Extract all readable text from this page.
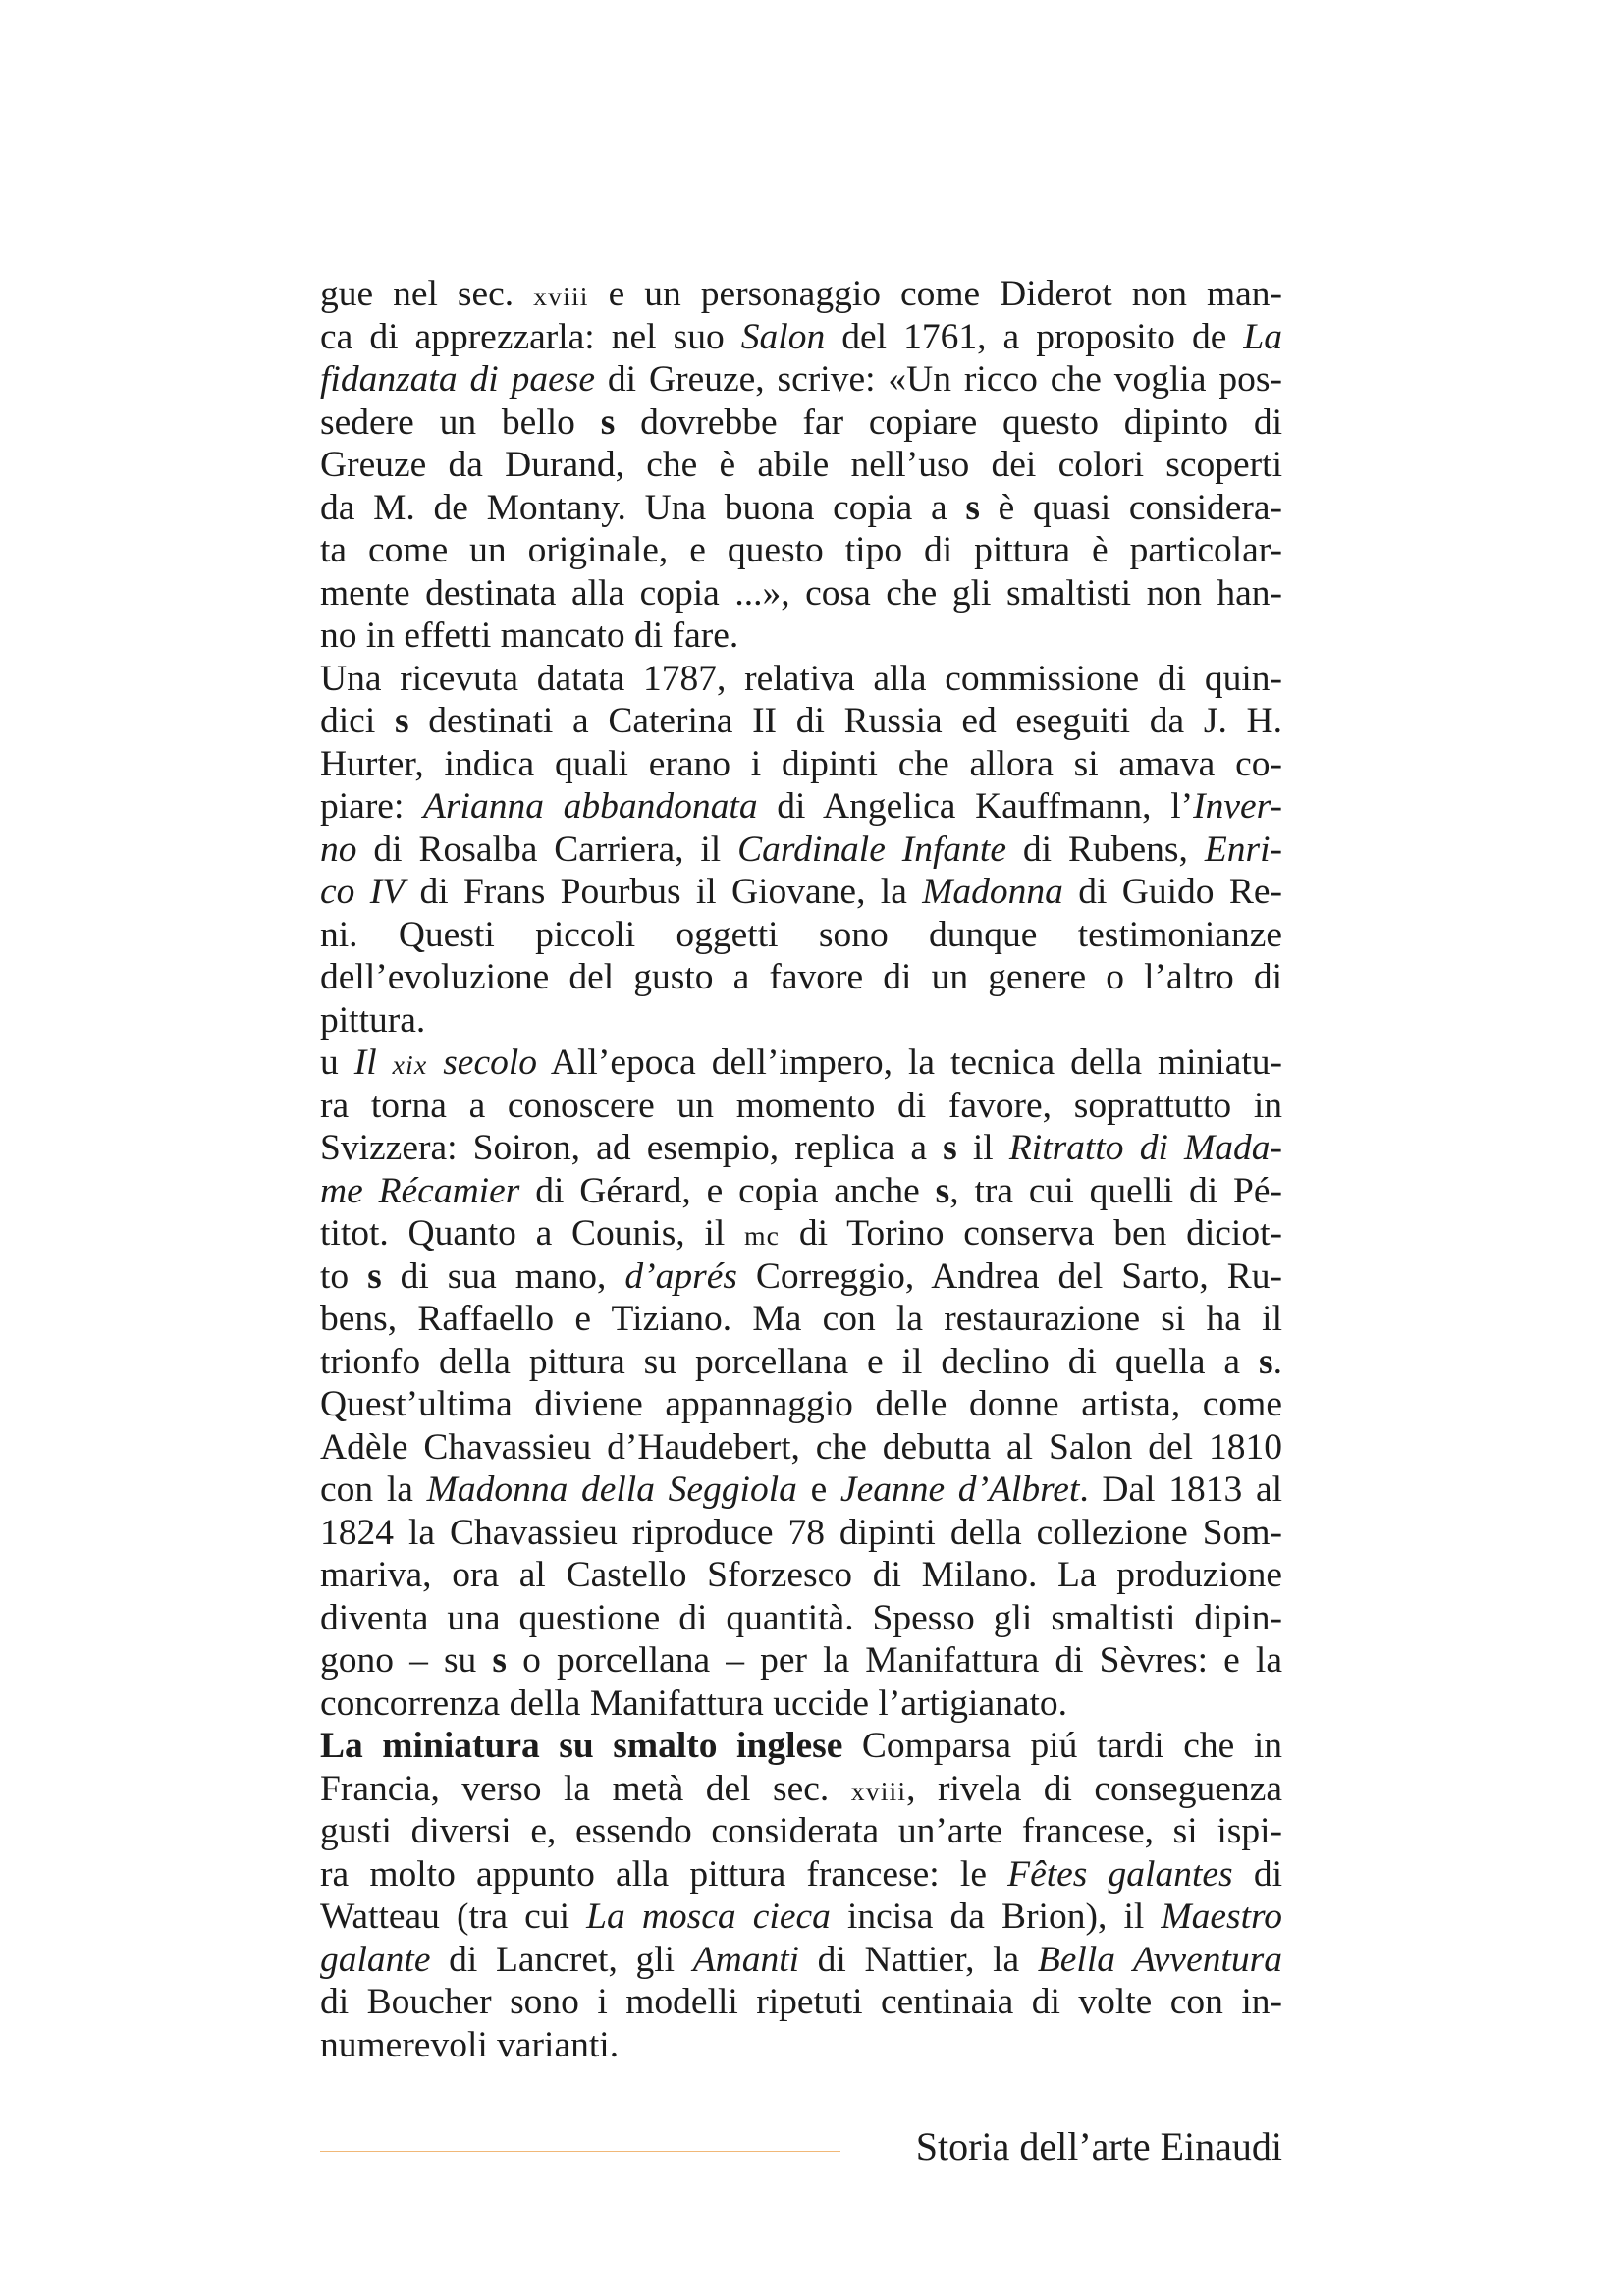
gue nel sec. xviii e un personaggio come Diderot non man-
ca di apprezzarla: nel suo Salon del 1761, a proposito de La
fidanzata di paese di Greuze, scrive: «Un ricco che voglia pos-
sedere un bello s dovrebbe far copiare questo dipinto di
Greuze da Durand, che è abile nell’uso dei colori scoperti
da M. de Montany. Una buona copia a s è quasi considera-
ta come un originale, e questo tipo di pittura è particolar-
mente destinata alla copia ...», cosa che gli smaltisti non han-
no in effetti mancato di fare.
Una ricevuta datata 1787, relativa alla commissione di quin-
dici s destinati a Caterina II di Russia ed eseguiti da J. H.
Hurter, indica quali erano i dipinti che allora si amava co-
piare: Arianna abbandonata di Angelica Kauffmann, l’Inver-
no di Rosalba Carriera, il Cardinale Infante di Rubens, Enri-
co IV di Frans Pourbus il Giovane, la Madonna di Guido Re-
ni. Questi piccoli oggetti sono dunque testimonianze
dell’evoluzione del gusto a favore di un genere o l’altro di
pittura.
u Il xix secolo All’epoca dell’impero, la tecnica della miniatu-
ra torna a conoscere un momento di favore, soprattutto in
Svizzera: Soiron, ad esempio, replica a s il Ritratto di Mada-
me Récamier di Gérard, e copia anche s, tra cui quelli di Pé-
titot. Quanto a Counis, il mc di Torino conserva ben diciot-
to s di sua mano, d’aprés Correggio, Andrea del Sarto, Ru-
bens, Raffaello e Tiziano. Ma con la restaurazione si ha il
trionfo della pittura su porcellana e il declino di quella a s.
Quest’ultima diviene appannaggio delle donne artista, come
Adèle Chavassieu d’Haudebert, che debutta al Salon del 1810
con la Madonna della Seggiola e Jeanne d’Albret. Dal 1813 al
1824 la Chavassieu riproduce 78 dipinti della collezione Som-
mariva, ora al Castello Sforzesco di Milano. La produzione
diventa una questione di quantità. Spesso gli smaltisti dipin-
gono – su s o porcellana – per la Manifattura di Sèvres: e la
concorrenza della Manifattura uccide l’artigianato.
La miniatura su smalto inglese Comparsa piú tardi che in
Francia, verso la metà del sec. xviii, rivela di conseguenza
gusti diversi e, essendo considerata un’arte francese, si ispi-
ra molto appunto alla pittura francese: le Fêtes galantes di
Watteau (tra cui La mosca cieca incisa da Brion), il Maestro
galante di Lancret, gli Amanti di Nattier, la Bella Avventura
di Boucher sono i modelli ripetuti centinaia di volte con in-
numerevoli varianti.
Storia dell’arte Einaudi
